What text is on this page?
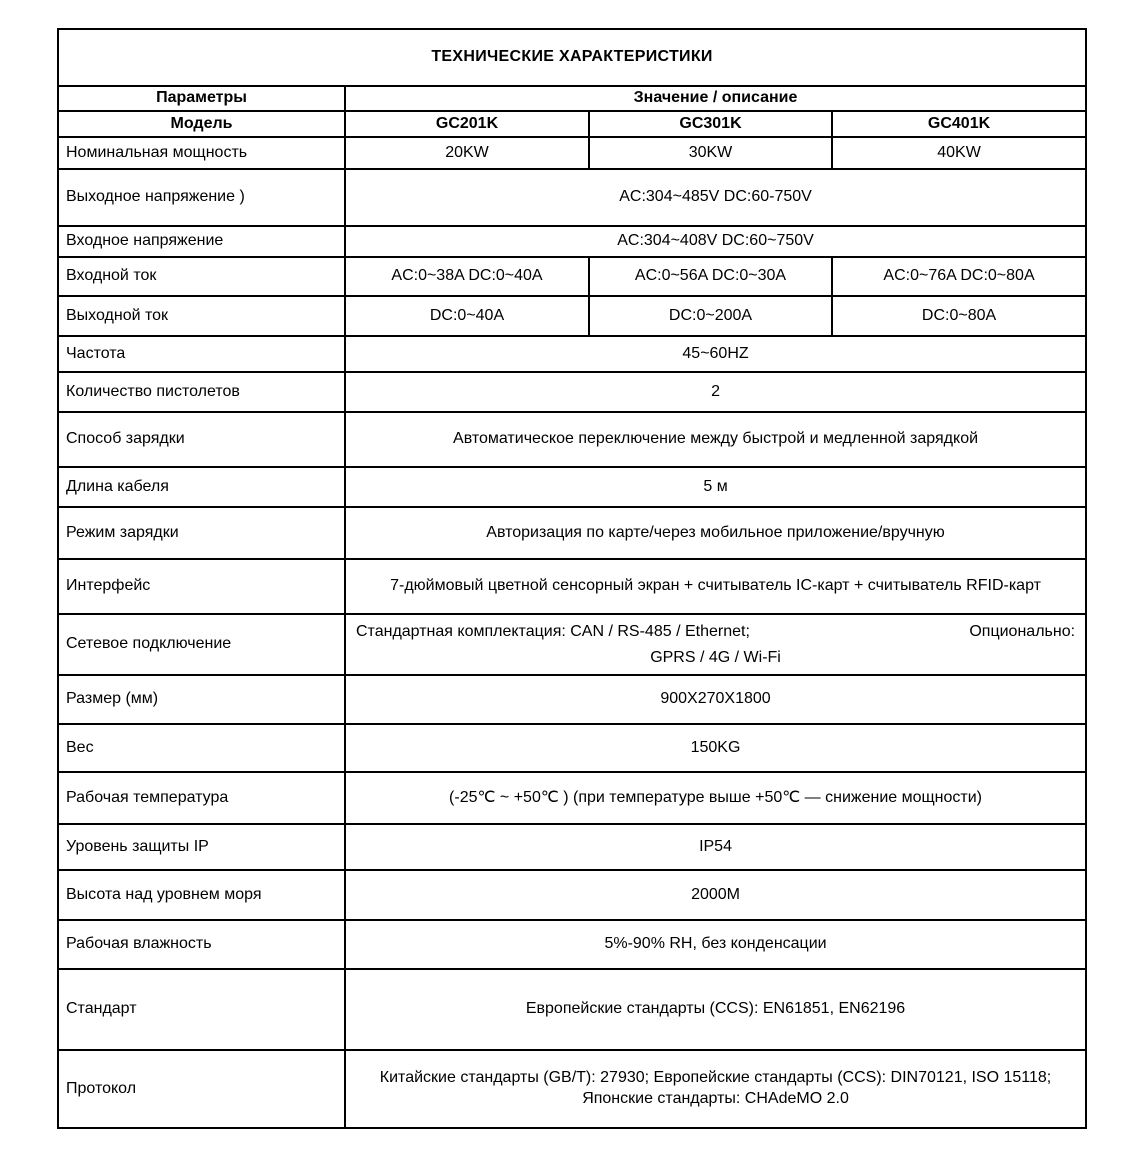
ТЕХНИЧЕСКИЕ ХАРАКТЕРИСТИКИ			
Параметры	Значение / описание		
Модель	GC201K	GC301K	GC401K
Номинальная мощность	20KW	30KW	40KW
Выходное напряжение )	AC:304~485V DC:60-750V		
Входное напряжение	AC:304~408V DC:60~750V		
Входной ток	AC:0~38A DC:0~40A	AC:0~56A DC:0~30A	AC:0~76A DC:0~80A
Выходной ток	DC:0~40A	DC:0~200A	DC:0~80A
Частота	45~60HZ		
Количество пистолетов	2		
Способ зарядки	Автоматическое переключение между быстрой и медленной зарядкой		
Длина кабеля	5 м		
Режим зарядки	Авторизация по карте/через мобильное приложение/вручную		
Интерфейс	7-дюймовый цветной сенсорный экран + считыватель IC-карт + считыватель RFID-карт		
Сетевое подключение	Стандартная комплектация: CAN / RS-485 / Ethernet; Опционально:
GPRS / 4G / Wi-Fi		

Размер (мм)	900X270X1800		
Вес	150KG		
Рабочая температура	(-25℃ ~ +50℃ ) (при температуре выше +50℃ — снижение мощности)		
Уровень защиты IP	IP54		
Высота над уровнем моря	2000M		
Рабочая влажность	5%-90% RH, без конденсации		
Стандарт	Европейские стандарты (CCS): EN61851, EN62196		
Протокол	Китайские стандарты (GB/T): 27930; Европейские стандарты (CCS): DIN70121, ISO 15118; Японские стандарты: CHAdeMO 2.0		
